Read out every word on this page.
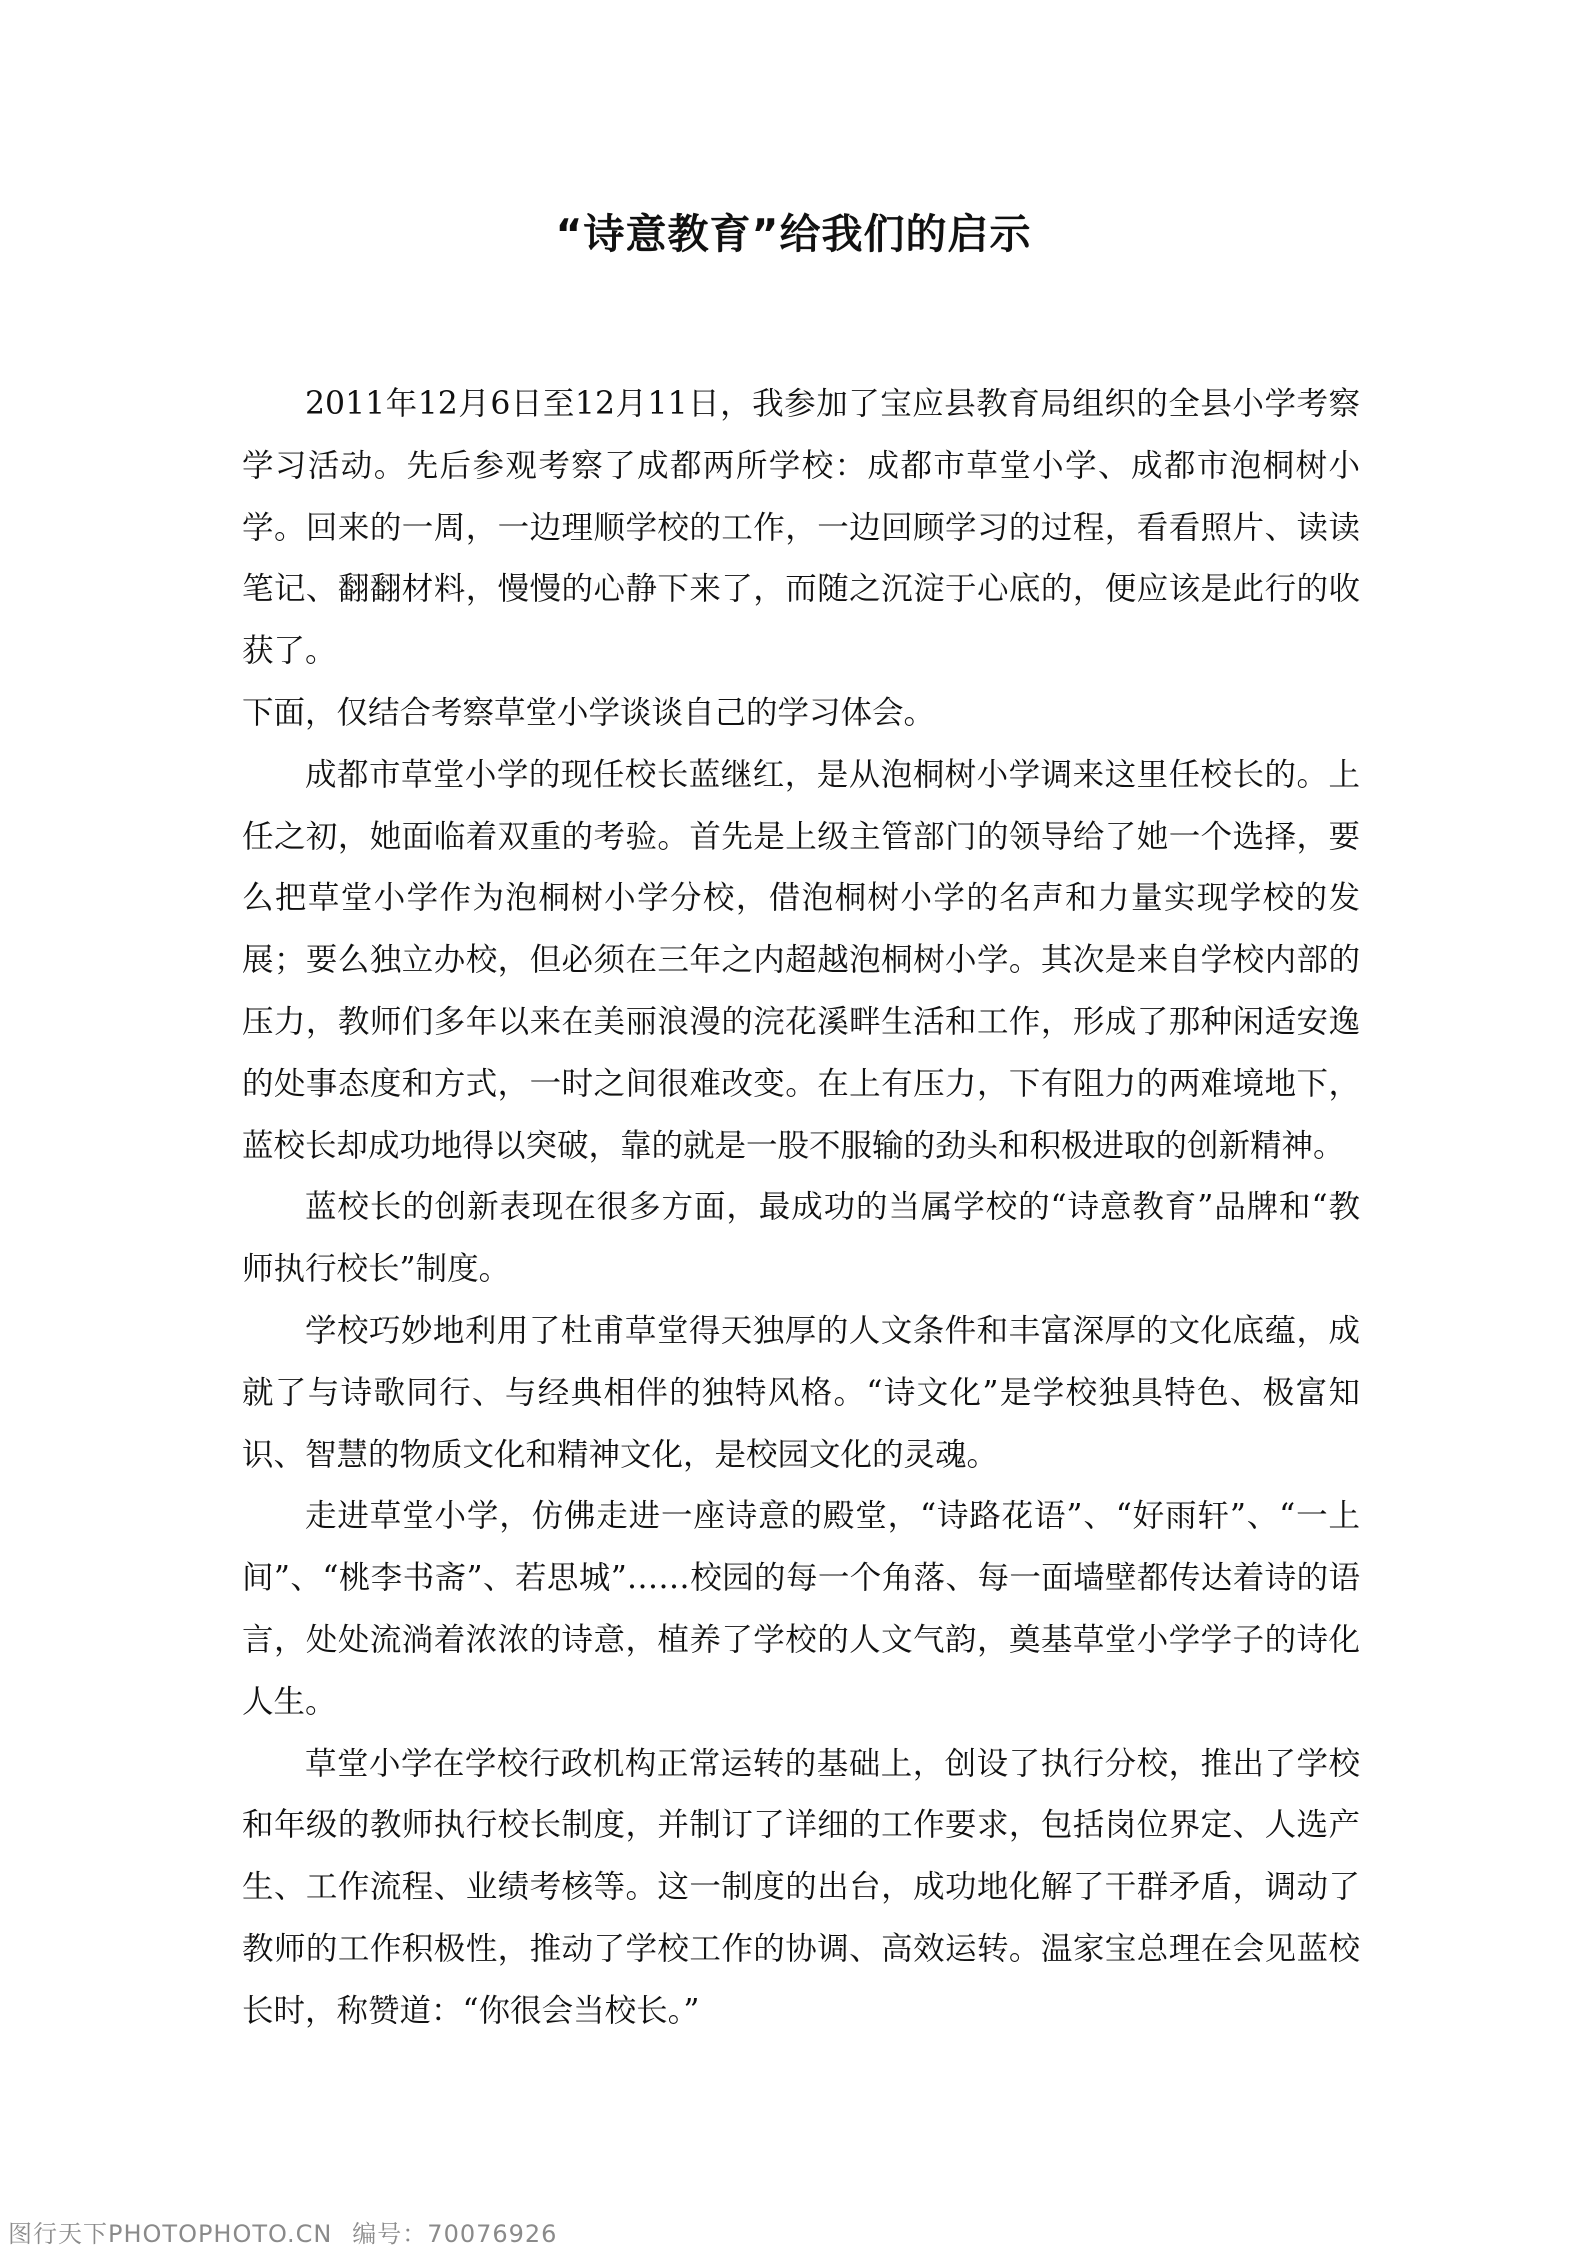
“诗意教育”给我们的启示

2011年12月6日至12月11日，我参加了宝应县教育局组织的全县小学考察学习活动。先后参观考察了成都两所学校：成都市草堂小学、成都市泡桐树小学。回来的一周，一边理顺学校的工作，一边回顾学习的过程，看看照片、读读笔记、翻翻材料，慢慢的心静下来了，而随之沉淀于心底的，便应该是此行的收获了。

下面，仅结合考察草堂小学谈谈自己的学习体会。

成都市草堂小学的现任校长蓝继红，是从泡桐树小学调来这里任校长的。上任之初，她面临着双重的考验。首先是上级主管部门的领导给了她一个选择，要么把草堂小学作为泡桐树小学分校，借泡桐树小学的名声和力量实现学校的发展；要么独立办校，但必须在三年之内超越泡桐树小学。其次是来自学校内部的压力，教师们多年以来在美丽浪漫的浣花溪畔生活和工作，形成了那种闲适安逸的处事态度和方式，一时之间很难改变。在上有压力，下有阻力的两难境地下，蓝校长却成功地得以突破，靠的就是一股不服输的劲头和积极进取的创新精神。

蓝校长的创新表现在很多方面，最成功的当属学校的“诗意教育”品牌和“教师执行校长”制度。

学校巧妙地利用了杜甫草堂得天独厚的人文条件和丰富深厚的文化底蕴，成就了与诗歌同行、与经典相伴的独特风格。“诗文化”是学校独具特色、极富知识、智慧的物质文化和精神文化，是校园文化的灵魂。

走进草堂小学，仿佛走进一座诗意的殿堂，“诗路花语”、“好雨轩”、“一上间”、“桃李书斋”、若思城”……校园的每一个角落、每一面墙壁都传达着诗的语言，处处流淌着浓浓的诗意，植养了学校的人文气韵，奠基草堂小学学子的诗化人生。

草堂小学在学校行政机构正常运转的基础上，创设了执行分校，推出了学校和年级的教师执行校长制度，并制订了详细的工作要求，包括岗位界定、人选产生、工作流程、业绩考核等。这一制度的出台，成功地化解了干群矛盾，调动了教师的工作积极性，推动了学校工作的协调、高效运转。温家宝总理在会见蓝校长时，称赞道：“你很会当校长。”

图行天下PHOTOPHOTO.CN 编号：70076926
